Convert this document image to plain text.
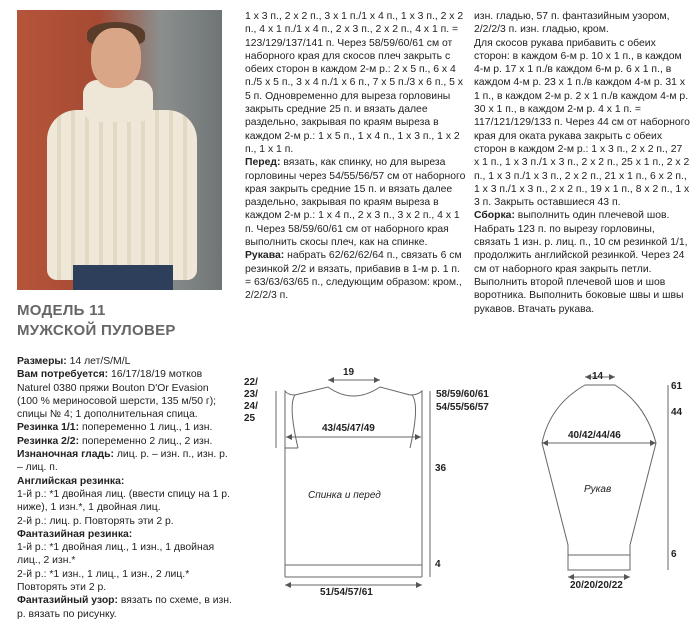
МОДЕЛЬ 11
МУЖСКОЙ ПУЛОВЕР

Размеры: 14 лет/S/M/L

Вам потребуется: 16/17/18/19 мотков Naturel 0380 пряжи Bouton D'Or Evasion (100 % мериносовой шерсти, 135 м/50 г); спицы № 4; 1 дополнительная спица.

Резинка 1/1: попеременно 1 лиц., 1 изн.

Резинка 2/2: попеременно 2 лиц., 2 изн.

Изнаночная гладь: лиц. р. – изн. п., изн. р. – лиц. п.

Английская резинка:

1-й р.: *1 двойная лиц. (ввести спицу на 1 р. ниже), 1 изн.*, 1 двойная лиц.

2-й р.: лиц. р. Повторять эти 2 р.

Фантазийная резинка:

1-й р.: *1 двойная лиц., 1 изн., 1 двойная лиц., 2 изн.*

2-й р.: *1 изн., 1 лиц., 1 изн., 2 лиц.* Повторять эти 2 р.

Фантазийный узор: вязать по схеме, в изн. р. вязать по рисунку.

1 х 3 п., 2 х 2 п., 3 х 1 п./1 х 4 п., 1 х 3 п., 2 х 2 п., 4 х 1 п./1 х 4 п., 2 х 3 п., 2 х 2 п., 4 х 1 п. = 123/129/137/141 п. Через 58/59/60/61 см от наборного края для скосов плеч закрыть с обеих сторон в каждом 2-м р.: 2 х 5 п., 6 х 4 п./5 х 5 п., 3 х 4 п./1 х 6 п., 7 х 5 п./3 х 6 п., 5 х 5 п. Одновременно для выреза горловины закрыть средние 25 п. и вязать далее раздельно, закрывая по краям выреза в каждом 2-м р.: 1 х 5 п., 1 х 4 п., 1 х 3 п., 1 х 2 п., 1 х 1 п.

Перед: вязать, как спинку, но для выреза горловины через 54/55/56/57 см от наборного края закрыть средние 15 п. и вязать далее раздельно, закрывая по краям выреза в каждом 2-м р.: 1 х 4 п., 2 х 3 п., 3 х 2 п., 4 х 1 п. Через 58/59/60/61 см от наборного края выполнить скосы плеч, как на спинке.

Рукава: набрать 62/62/62/64 п., связать 6 см резинкой 2/2 и вязать, прибавив в 1-м р. 1 п. = 63/63/63/65 п., следующим образом: кром., 2/2/2/3 п.

изн. гладью, 57 п. фантазийным узором, 2/2/2/3 п. изн. гладью, кром.

Для скосов рукава прибавить с обеих сторон: в каждом 6-м р. 10 х 1 п., в каждом 4-м р. 17 х 1 п./в каждом 6-м р. 6 х 1 п., в каждом 4-м р. 23 х 1 п./в каждом 4-м р. 31 х 1 п., в каждом 2-м р. 2 х 1 п./в каждом 4-м р. 30 х 1 п., в каждом 2-м р. 4 х 1 п. = 117/121/129/133 п. Через 44 см от наборного края для оката рукава закрыть с обеих сторон в каждом 2-м р.: 1 х 3 п., 2 х 2 п., 27 х 1 п., 1 х 3 п./1 х 3 п., 2 х 2 п., 25 х 1 п., 2 х 2 п., 1 х 3 п./1 х 3 п., 2 х 2 п., 21 х 1 п., 6 х 2 п., 1 х 3 п./1 х 3 п., 2 х 2 п., 19 х 1 п., 8 х 2 п., 1 х 3 п. Закрыть оставшиеся 43 п.

Сборка: выполнить один плечевой шов. Набрать 123 п. по вырезу горловины, связать 1 изн. р. лиц. п., 10 см резинкой 1/1, продолжить английской резинкой. Через 24 см от наборного края закрыть петли. Выполнить второй плечевой шов и шов воротника. Выполнить боковые швы и швы рукавов. Втачать рукава.

19
58/59/60/61
54/55/56/57
43/45/47/49
22/
23/
24/
25
36
4
51/54/57/61
Спинка и перед
14
61
44
40/42/44/46
6
20/20/20/22
Рукав
